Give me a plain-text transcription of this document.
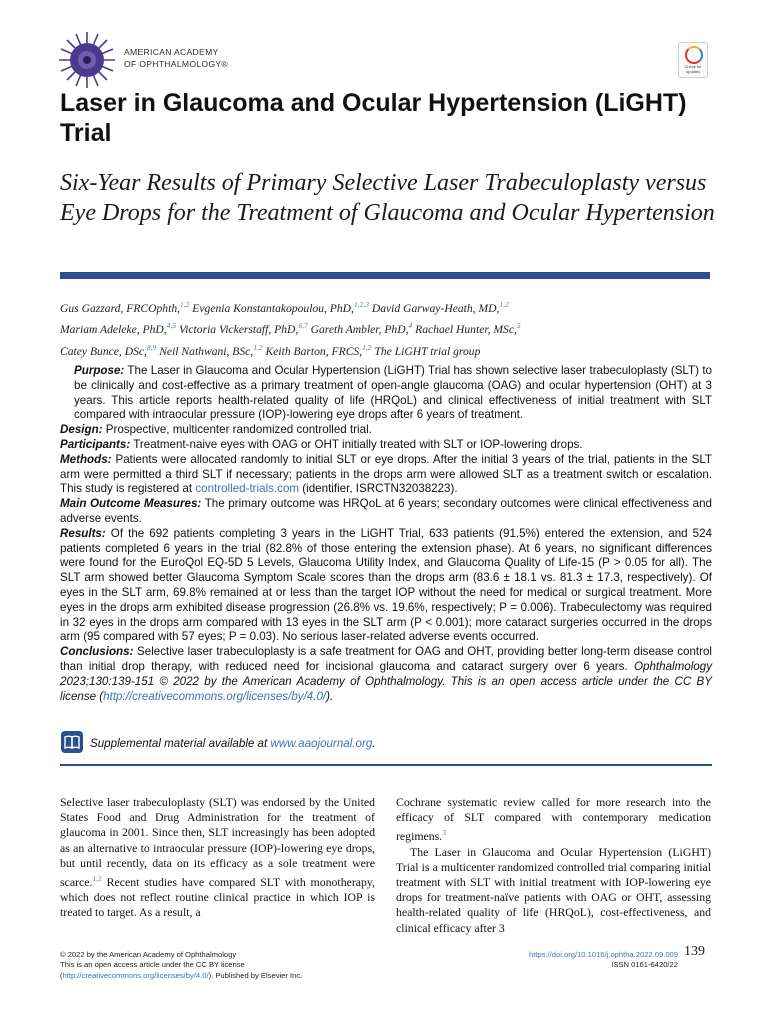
AMERICAN ACADEMY
OF OPHTHALMOLOGY®	Check for updates
Laser in Glaucoma and Ocular Hypertension (LiGHT) Trial
Six-Year Results of Primary Selective Laser Trabeculoplasty versus Eye Drops for the Treatment of Glaucoma and Ocular Hypertension
Gus Gazzard, FRCOphth,$^{1,2}$ Evgenia Konstantakopoulou, PhD,$^{1,2,3}$ David Garway-Heath, MD,$^{1,2}$
Mariam Adeleke, PhD,$^{4,5}$ Victoria Vickerstaff, PhD,$^{6,7}$ Gareth Ambler, PhD,$^4$ Rachael Hunter, MSc,$^5$
Catey Bunce, DSc,$^{8,9}$ Neil Nathwani, BSc,$^{1,2}$ Keith Barton, FRCS,$^{1,2}$ The LiGHT trial group

Purpose: The Laser in Glaucoma and Ocular Hypertension (LiGHT) Trial has shown selective laser trabeculoplasty (SLT) to be clinically and cost-effective as a primary treatment of open-angle glaucoma (OAG) and ocular hypertension (OHT) at 3 years. This article reports health-related quality of life (HRQoL) and clinical effectiveness of initial treatment with SLT compared with intraocular pressure (IOP)-lowering eye drops after 6 years of treatment.

Design: Prospective, multicenter randomized controlled trial.

Participants: Treatment-naive eyes with OAG or OHT initially treated with SLT or IOP-lowering drops.

Methods: Patients were allocated randomly to initial SLT or eye drops. After the initial 3 years of the trial, patients in the SLT arm were permitted a third SLT if necessary; patients in the drops arm were allowed SLT as a treatment switch or escalation. This study is registered at controlled-trials.com (identifier, ISRCTN32038223).

Main Outcome Measures: The primary outcome was HRQoL at 6 years; secondary outcomes were clinical effectiveness and adverse events.

Results: Of the 692 patients completing 3 years in the LiGHT Trial, 633 patients (91.5%) entered the extension, and 524 patients completed 6 years in the trial (82.8% of those entering the extension phase). At 6 years, no significant differences were found for the EuroQol EQ-5D 5 Levels, Glaucoma Utility Index, and Glaucoma Quality of Life-15 (P > 0.05 for all). The SLT arm showed better Glaucoma Symptom Scale scores than the drops arm (83.6 ± 18.1 vs. 81.3 ± 17.3, respectively). Of eyes in the SLT arm, 69.8% remained at or less than the target IOP without the need for medical or surgical treatment. More eyes in the drops arm exhibited disease progression (26.8% vs. 19.6%, respectively; P = 0.006). Trabeculectomy was required in 32 eyes in the drops arm compared with 13 eyes in the SLT arm (P < 0.001); more cataract surgeries occurred in the drops arm (95 compared with 57 eyes; P = 0.03). No serious laser-related adverse events occurred.

Conclusions: Selective laser trabeculoplasty is a safe treatment for OAG and OHT, providing better long-term disease control than initial drop therapy, with reduced need for incisional glaucoma and cataract surgery over 6 years. Ophthalmology 2023;130:139-151 © 2022 by the American Academy of Ophthalmology. This is an open access article under the CC BY license (http://creativecommons.org/licenses/by/4.0/).

Supplemental material available at www.aaojournal.org.

Selective laser trabeculoplasty (SLT) was endorsed by the United States Food and Drug Administration for the treatment of glaucoma in 2001. Since then, SLT increasingly has been adopted as an alternative to intraocular pressure (IOP)-lowering eye drops, but until recently, data on its efficacy as a sole treatment were scarce.$^{1,2}$ Recent studies have compared SLT with monotherapy, which does not reflect routine clinical practice in which IOP is treated to target. As a result, a

Cochrane systematic review called for more research into the efficacy of SLT compared with contemporary medication regimens.$^3$

The Laser in Glaucoma and Ocular Hypertension (LiGHT) Trial is a multicenter randomized controlled trial comparing initial treatment with SLT with initial treatment with IOP-lowering eye drops for treatment-naïve patients with OAG or OHT, assessing health-related quality of life (HRQoL), cost-effectiveness, and clinical efficacy after 3

© 2022 by the American Academy of Ophthalmology
This is an open access article under the CC BY license (http://creativecommons.org/licenses/by/4.0/). Published by Elsevier Inc.
https://doi.org/10.1016/j.ophtha.2022.09.009
ISSN 0161-6420/22
139
